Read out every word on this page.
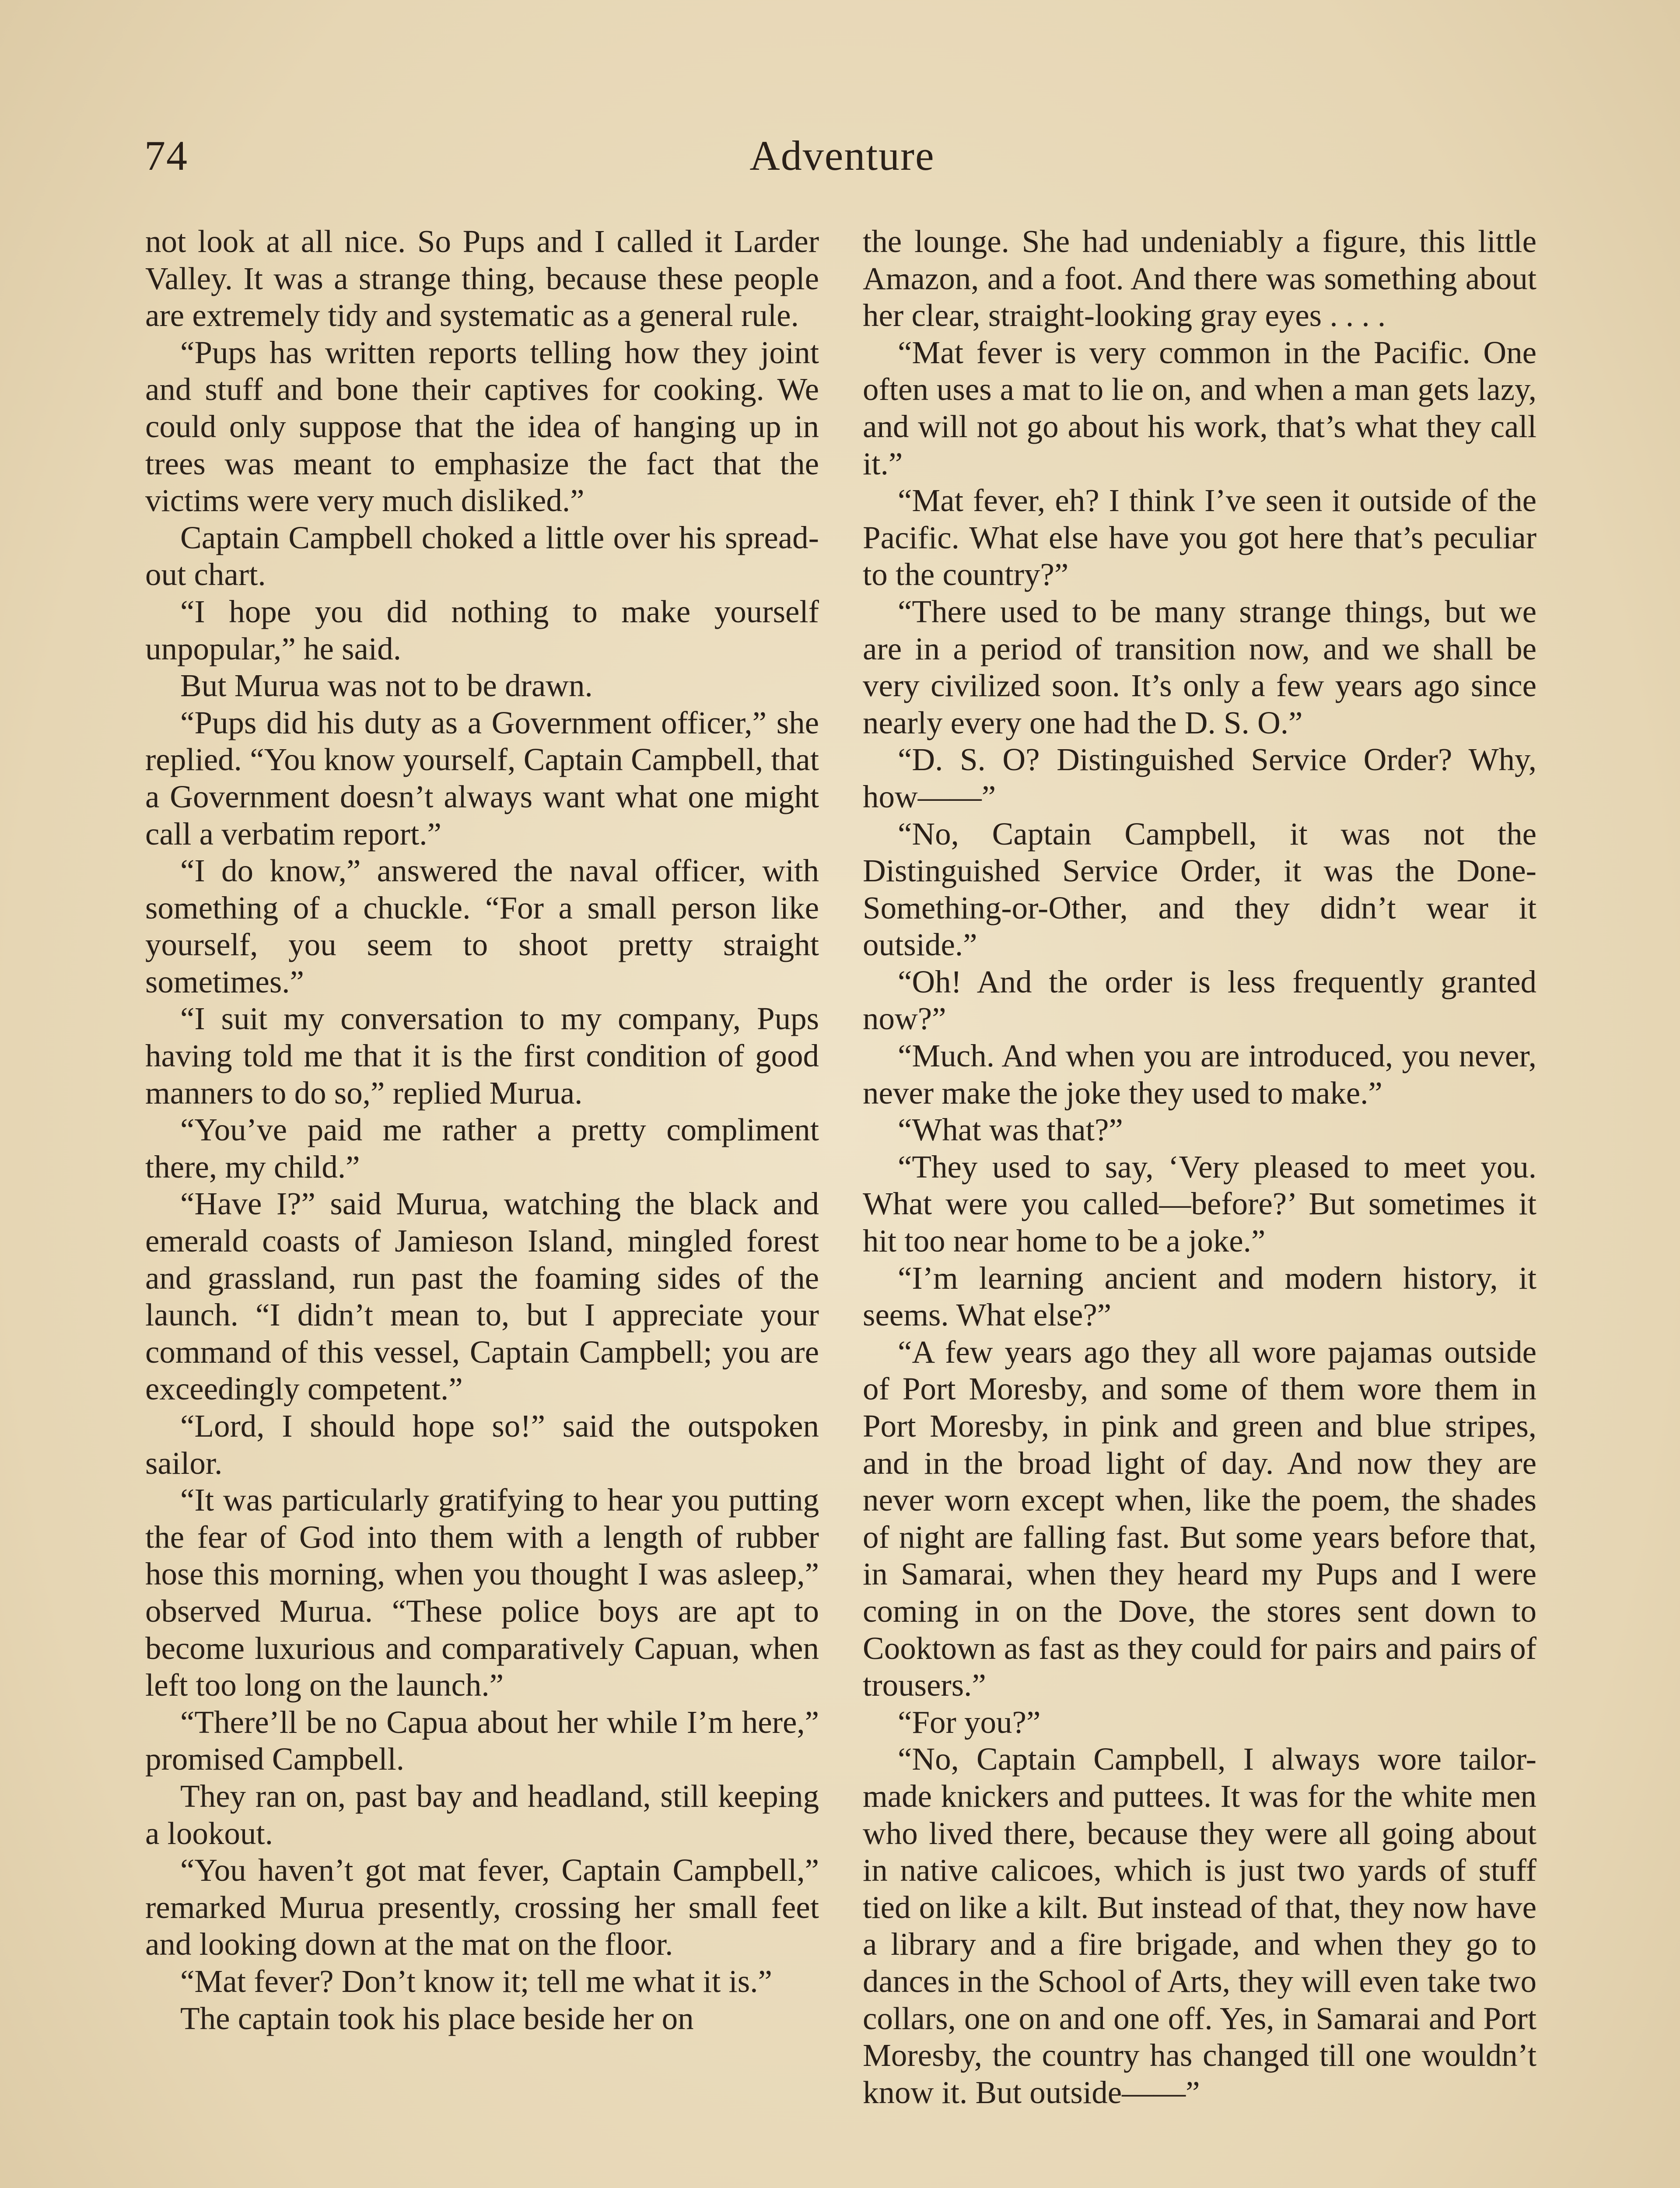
74	Adventure

not look at all nice. So Pups and I called it Larder Valley. It was a strange thing, because these people are extremely tidy and systematic as a general rule.

“Pups has written reports telling how they joint and stuff and bone their captives for cooking. We could only suppose that the idea of hanging up in trees was meant to emphasize the fact that the victims were very much disliked.”

Captain Campbell choked a little over his spread-out chart.

“I hope you did nothing to make yourself unpopular,” he said.

But Murua was not to be drawn.

“Pups did his duty as a Government officer,” she replied. “You know yourself, Captain Campbell, that a Government doesn’t always want what one might call a verbatim report.”

“I do know,” answered the naval officer, with something of a chuckle. “For a small person like yourself, you seem to shoot pretty straight sometimes.”

“I suit my conversation to my company, Pups having told me that it is the first condition of good manners to do so,” replied Murua.

“You’ve paid me rather a pretty compliment there, my child.”

“Have I?” said Murua, watching the black and emerald coasts of Jamieson Island, mingled forest and grassland, run past the foaming sides of the launch. “I didn’t mean to, but I appreciate your command of this vessel, Captain Campbell; you are exceedingly competent.”

“Lord, I should hope so!” said the outspoken sailor.

“It was particularly gratifying to hear you putting the fear of God into them with a length of rubber hose this morning, when you thought I was asleep,” observed Murua. “These police boys are apt to become luxurious and comparatively Capuan, when left too long on the launch.”

“There’ll be no Capua about her while I’m here,” promised Campbell.

They ran on, past bay and headland, still keeping a lookout.

“You haven’t got mat fever, Captain Campbell,” remarked Murua presently, crossing her small feet and looking down at the mat on the floor.

“Mat fever? Don’t know it; tell me what it is.”

The captain took his place beside her on

the lounge. She had undeniably a figure, this little Amazon, and a foot. And there was something about her clear, straight-looking gray eyes . . . .

“Mat fever is very common in the Pacific. One often uses a mat to lie on, and when a man gets lazy, and will not go about his work, that’s what they call it.”

“Mat fever, eh? I think I’ve seen it outside of the Pacific. What else have you got here that’s peculiar to the country?”

“There used to be many strange things, but we are in a period of transition now, and we shall be very civilized soon. It’s only a few years ago since nearly every one had the D. S. O.”

“D. S. O? Distinguished Service Order? Why, how——”

“No, Captain Campbell, it was not the Distinguished Service Order, it was the Done-Something-or-Other, and they didn’t wear it outside.”

“Oh! And the order is less frequently granted now?”

“Much. And when you are introduced, you never, never make the joke they used to make.”

“What was that?”

“They used to say, ‘Very pleased to meet you. What were you called—before?’ But sometimes it hit too near home to be a joke.”

“I’m learning ancient and modern history, it seems. What else?”

“A few years ago they all wore pajamas outside of Port Moresby, and some of them wore them in Port Moresby, in pink and green and blue stripes, and in the broad light of day. And now they are never worn except when, like the poem, the shades of night are falling fast. But some years before that, in Samarai, when they heard my Pups and I were coming in on the Dove, the stores sent down to Cooktown as fast as they could for pairs and pairs of trousers.”

“For you?”

“No, Captain Campbell, I always wore tailor-made knickers and puttees. It was for the white men who lived there, because they were all going about in native calicoes, which is just two yards of stuff tied on like a kilt. But instead of that, they now have a library and a fire brigade, and when they go to dances in the School of Arts, they will even take two collars, one on and one off. Yes, in Samarai and Port Moresby, the country has changed till one wouldn’t know it. But outside——”
